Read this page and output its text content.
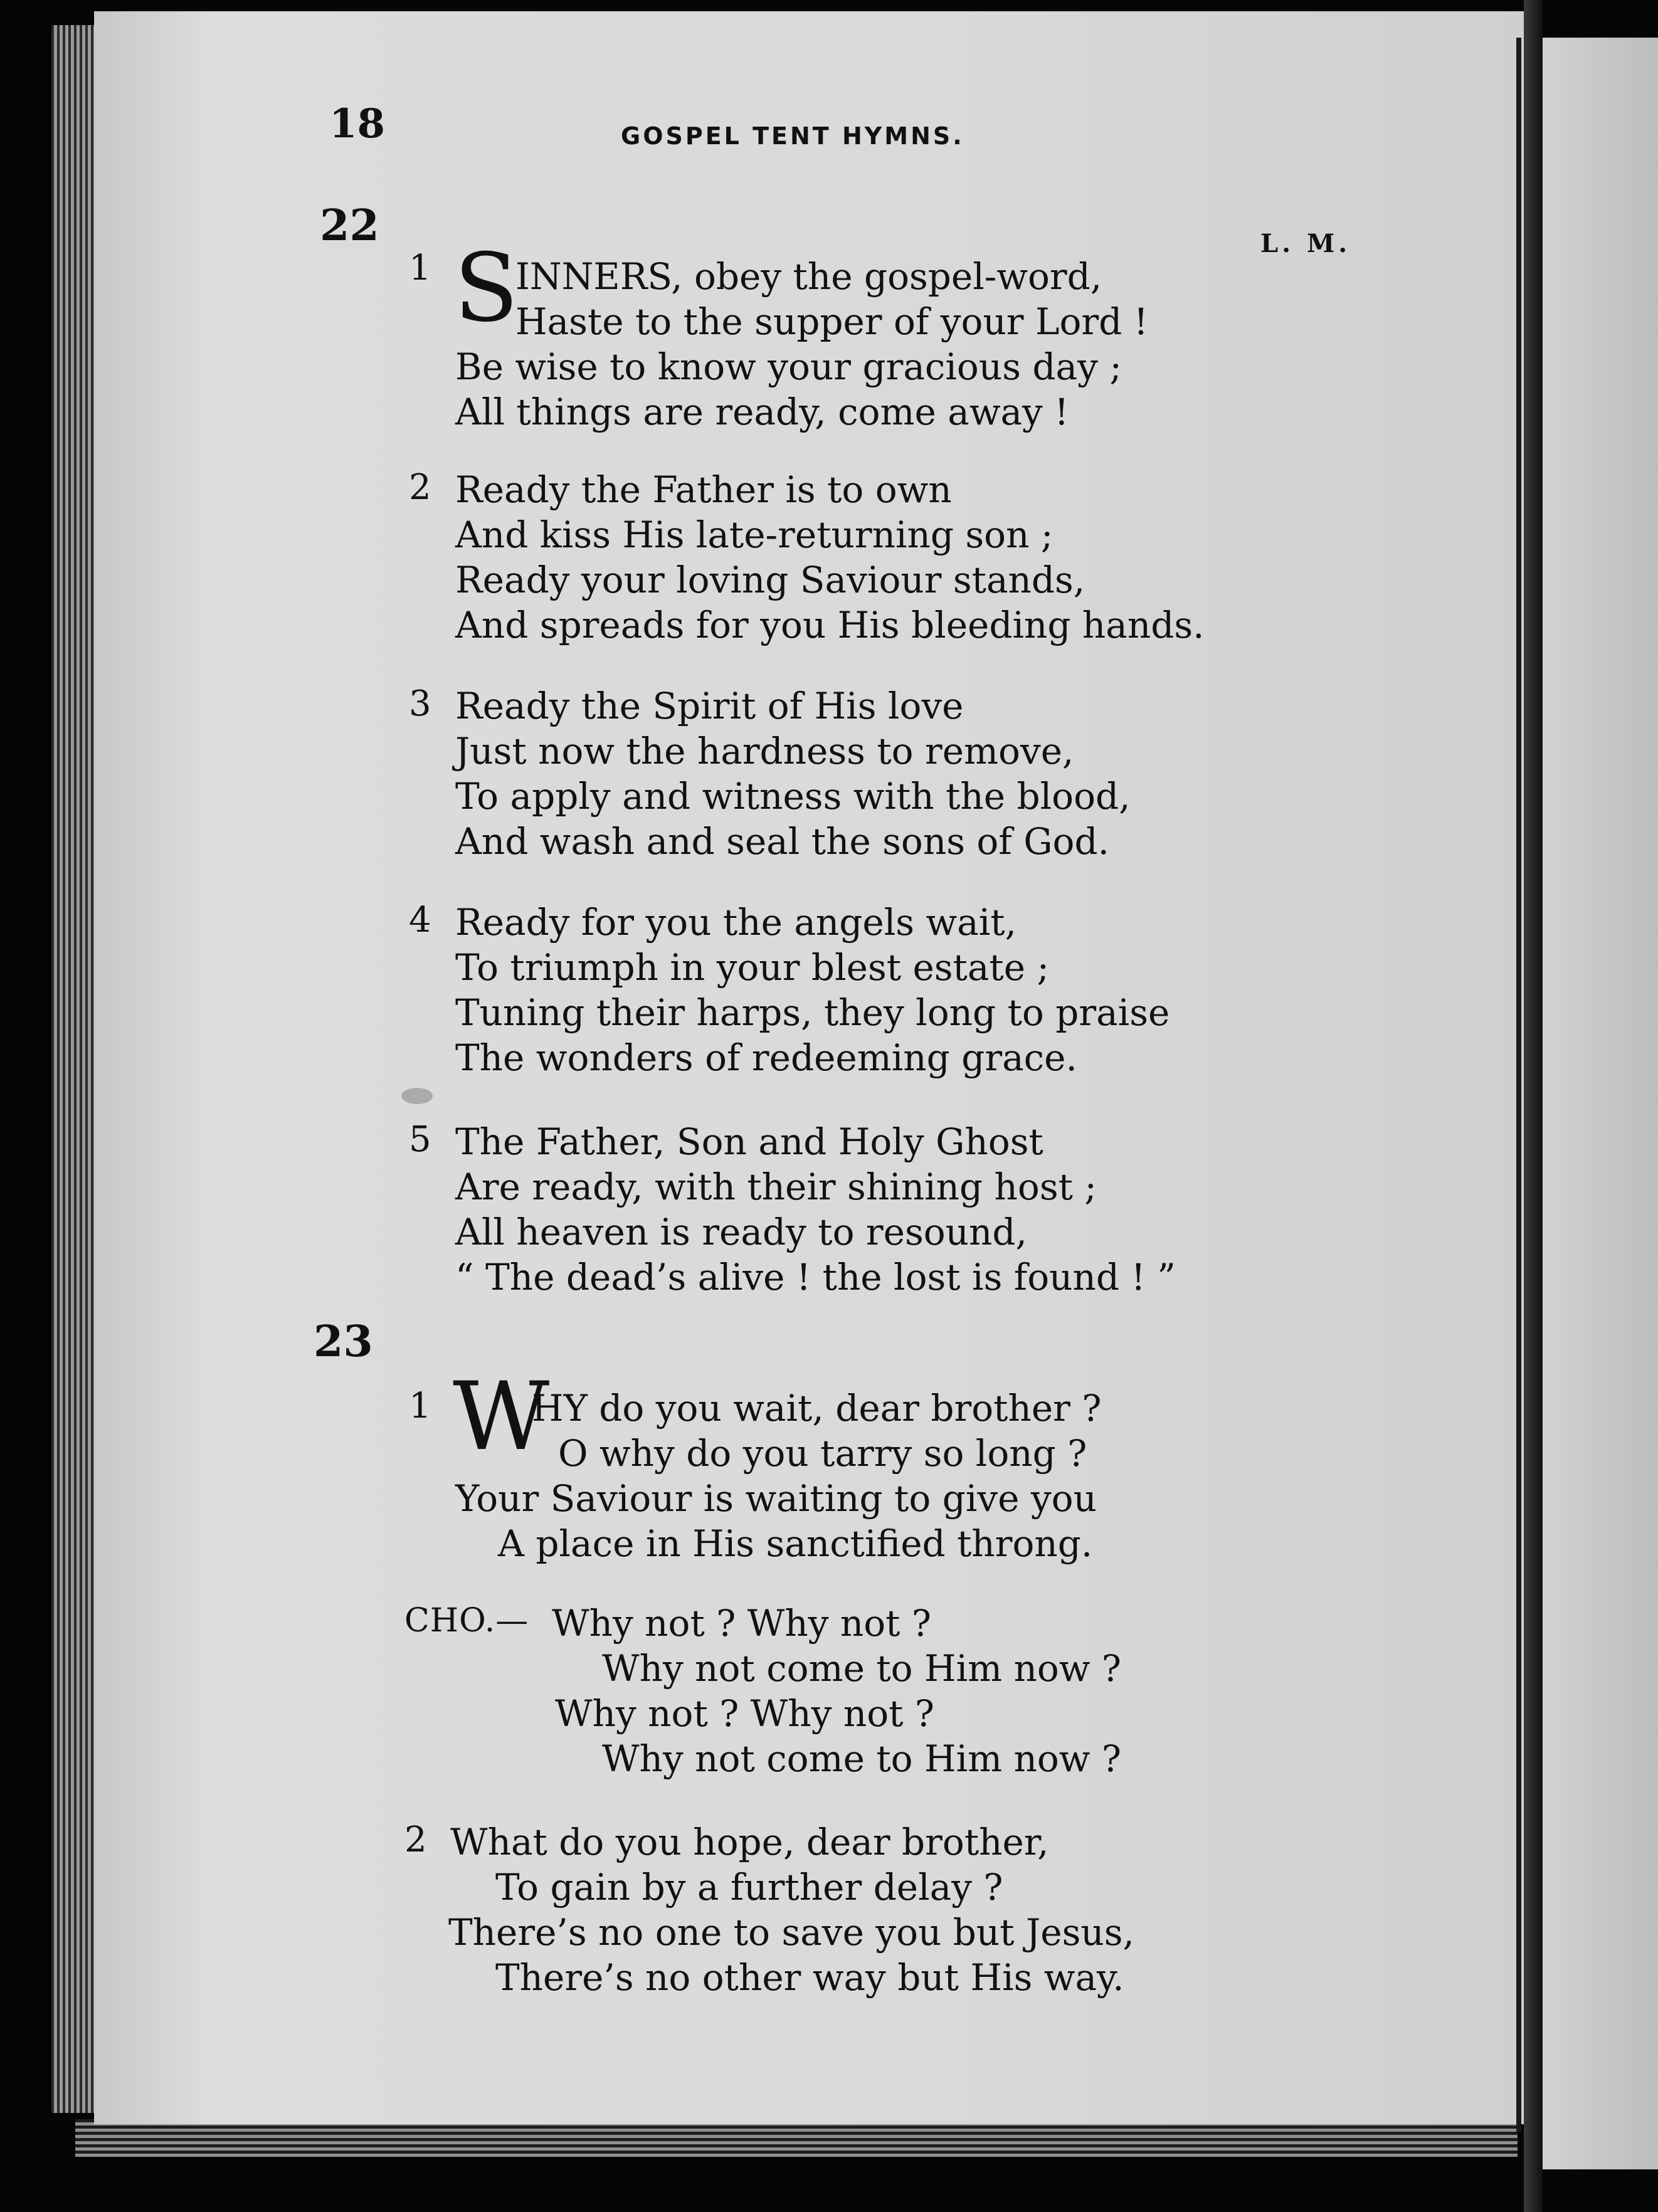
18	GOSPEL TENT HYMNS.
22	L. M.
1 S
INNERS, obey the gospel-word,
Haste to the supper of your Lord !
Be wise to know your gracious day ;
All things are ready, come away !
2 Ready the Father is to own
And kiss His late-returning son ;
Ready your loving Saviour stands,
And spreads for you His bleeding hands.
3 Ready the Spirit of His love
Just now the hardness to remove,
To apply and witness with the blood,
And wash and seal the sons of God.
4 Ready for you the angels wait,
To triumph in your blest estate ;
Tuning their harps, they long to praise
The wonders of redeeming grace.
5 The Father, Son and Holy Ghost
Are ready, with their shining host ;
All heaven is ready to resound,
“ The dead’s alive ! the lost is found ! ”
23
1 W
HY do you wait, dear brother ?
O why do you tarry so long ?
Your Saviour is waiting to give you
A place in His sanctified throng.
CHO.— Why not ? Why not ?
Why not come to Him now ?
Why not ? Why not ?
Why not come to Him now ?
2 What do you hope, dear brother,
To gain by a further delay ?
There’s no one to save you but Jesus,
There’s no other way but His way.
